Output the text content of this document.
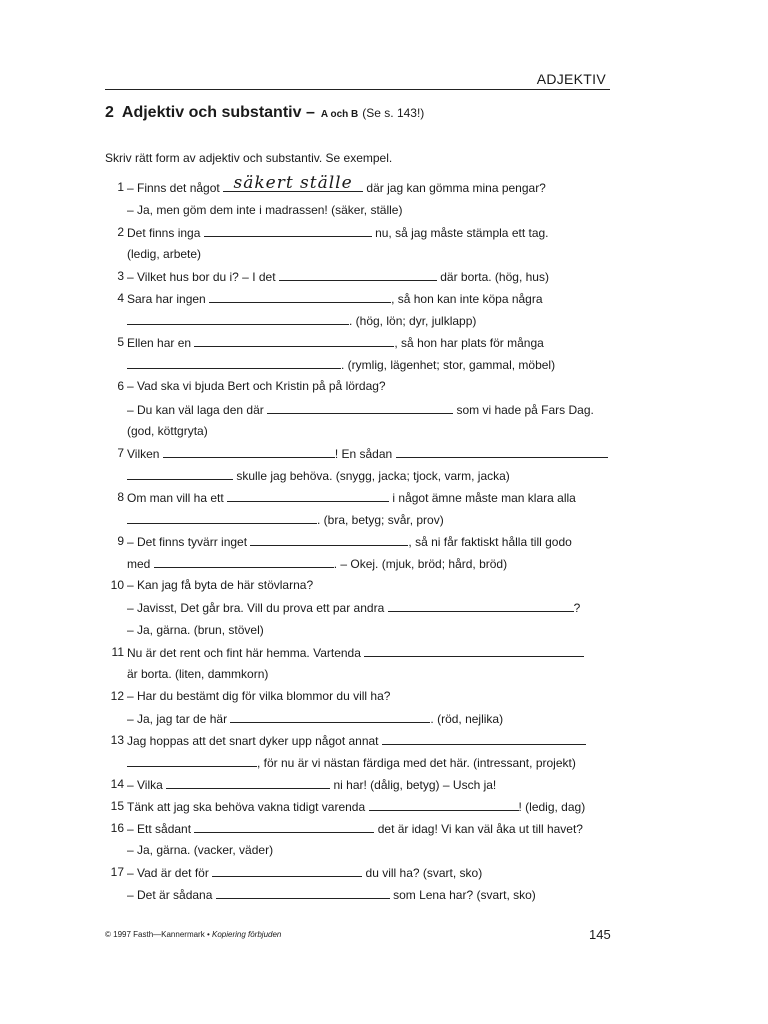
ADJEKTIV
2 Adjektiv och substantiv – A och B (Se s. 143!)
Skriv rätt form av adjektiv och substantiv. Se exempel.
1 – Finns det något säkert ställe där jag kan gömma mina pengar?
– Ja, men göm dem inte i madrassen! (säker, ställe)
2 Det finns inga	nu, så jag måste stämpla ett tag.
(ledig, arbete)
3 – Vilket hus bor du i? – I det	där borta. (hög, hus)
4 Sara har ingen	, så hon kan inte köpa några
. (hög, lön; dyr, julklapp)
5 Ellen har en	, så hon har plats för många
. (rymlig, lägenhet; stor, gammal, möbel)
6 – Vad ska vi bjuda Bert och Kristin på på lördag?
– Du kan väl laga den där	som vi hade på Fars Dag.
(god, köttgryta)
7 Vilken	! En sådan
skulle jag behöva. (snygg, jacka; tjock, varm, jacka)
8 Om man vill ha ett	i något ämne måste man klara alla
. (bra, betyg; svår, prov)
9 – Det finns tyvärr inget	, så ni får faktiskt hålla till godo
med	. – Okej. (mjuk, bröd; hård, bröd)
10 – Kan jag få byta de här stövlarna?
– Javisst, Det går bra. Vill du prova ett par andra	?
– Ja, gärna. (brun, stövel)
11 Nu är det rent och fint här hemma. Vartenda
är borta. (liten, dammkorn)
12 – Har du bestämt dig för vilka blommor du vill ha?
– Ja, jag tar de här	. (röd, nejlika)
13 Jag hoppas att det snart dyker upp något annat
, för nu är vi nästan färdiga med det här. (intressant, projekt)
14 – Vilka	ni har! (dålig, betyg) – Usch ja!
15 Tänk att jag ska behöva vakna tidigt varenda	! (ledig, dag)
16 – Ett sådant	det är idag! Vi kan väl åka ut till havet?
– Ja, gärna. (vacker, väder)
17 – Vad är det för	du vill ha? (svart, sko)
– Det är sådana	som Lena har? (svart, sko)
© 1997 Fasth—Kannermark • Kopiering förbjuden	145
